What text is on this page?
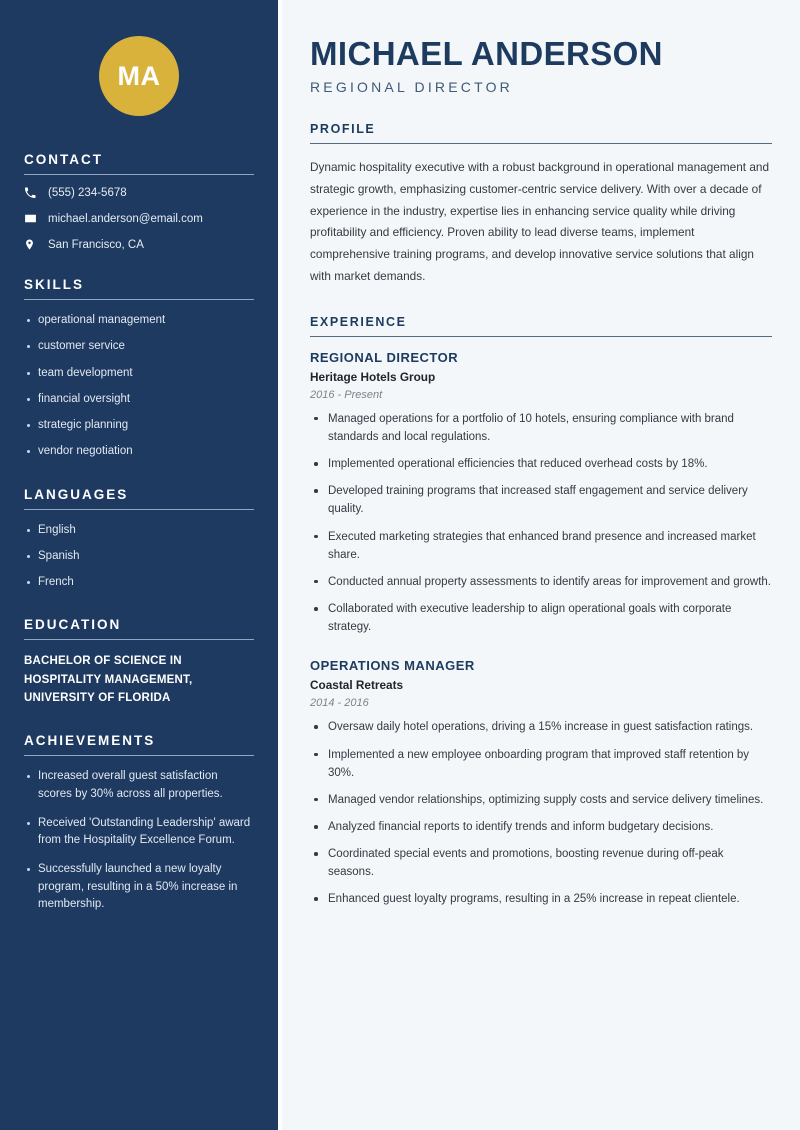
MA
CONTACT
(555) 234-5678
michael.anderson@email.com
San Francisco, CA
SKILLS
operational management
customer service
team development
financial oversight
strategic planning
vendor negotiation
LANGUAGES
English
Spanish
French
EDUCATION
BACHELOR OF SCIENCE IN HOSPITALITY MANAGEMENT, UNIVERSITY OF FLORIDA
ACHIEVEMENTS
Increased overall guest satisfaction scores by 30% across all properties.
Received 'Outstanding Leadership' award from the Hospitality Excellence Forum.
Successfully launched a new loyalty program, resulting in a 50% increase in membership.
MICHAEL ANDERSON
REGIONAL DIRECTOR
PROFILE

Dynamic hospitality executive with a robust background in operational management and strategic growth, emphasizing customer-centric service delivery. With over a decade of experience in the industry, expertise lies in enhancing service quality while driving profitability and efficiency. Proven ability to lead diverse teams, implement comprehensive training programs, and develop innovative service solutions that align with market demands.

EXPERIENCE
REGIONAL DIRECTOR
Heritage Hotels Group
2016 - Present
Managed operations for a portfolio of 10 hotels, ensuring compliance with brand standards and local regulations.
Implemented operational efficiencies that reduced overhead costs by 18%.
Developed training programs that increased staff engagement and service delivery quality.
Executed marketing strategies that enhanced brand presence and increased market share.
Conducted annual property assessments to identify areas for improvement and growth.
Collaborated with executive leadership to align operational goals with corporate strategy.
OPERATIONS MANAGER
Coastal Retreats
2014 - 2016
Oversaw daily hotel operations, driving a 15% increase in guest satisfaction ratings.
Implemented a new employee onboarding program that improved staff retention by 30%.
Managed vendor relationships, optimizing supply costs and service delivery timelines.
Analyzed financial reports to identify trends and inform budgetary decisions.
Coordinated special events and promotions, boosting revenue during off-peak seasons.
Enhanced guest loyalty programs, resulting in a 25% increase in repeat clientele.
